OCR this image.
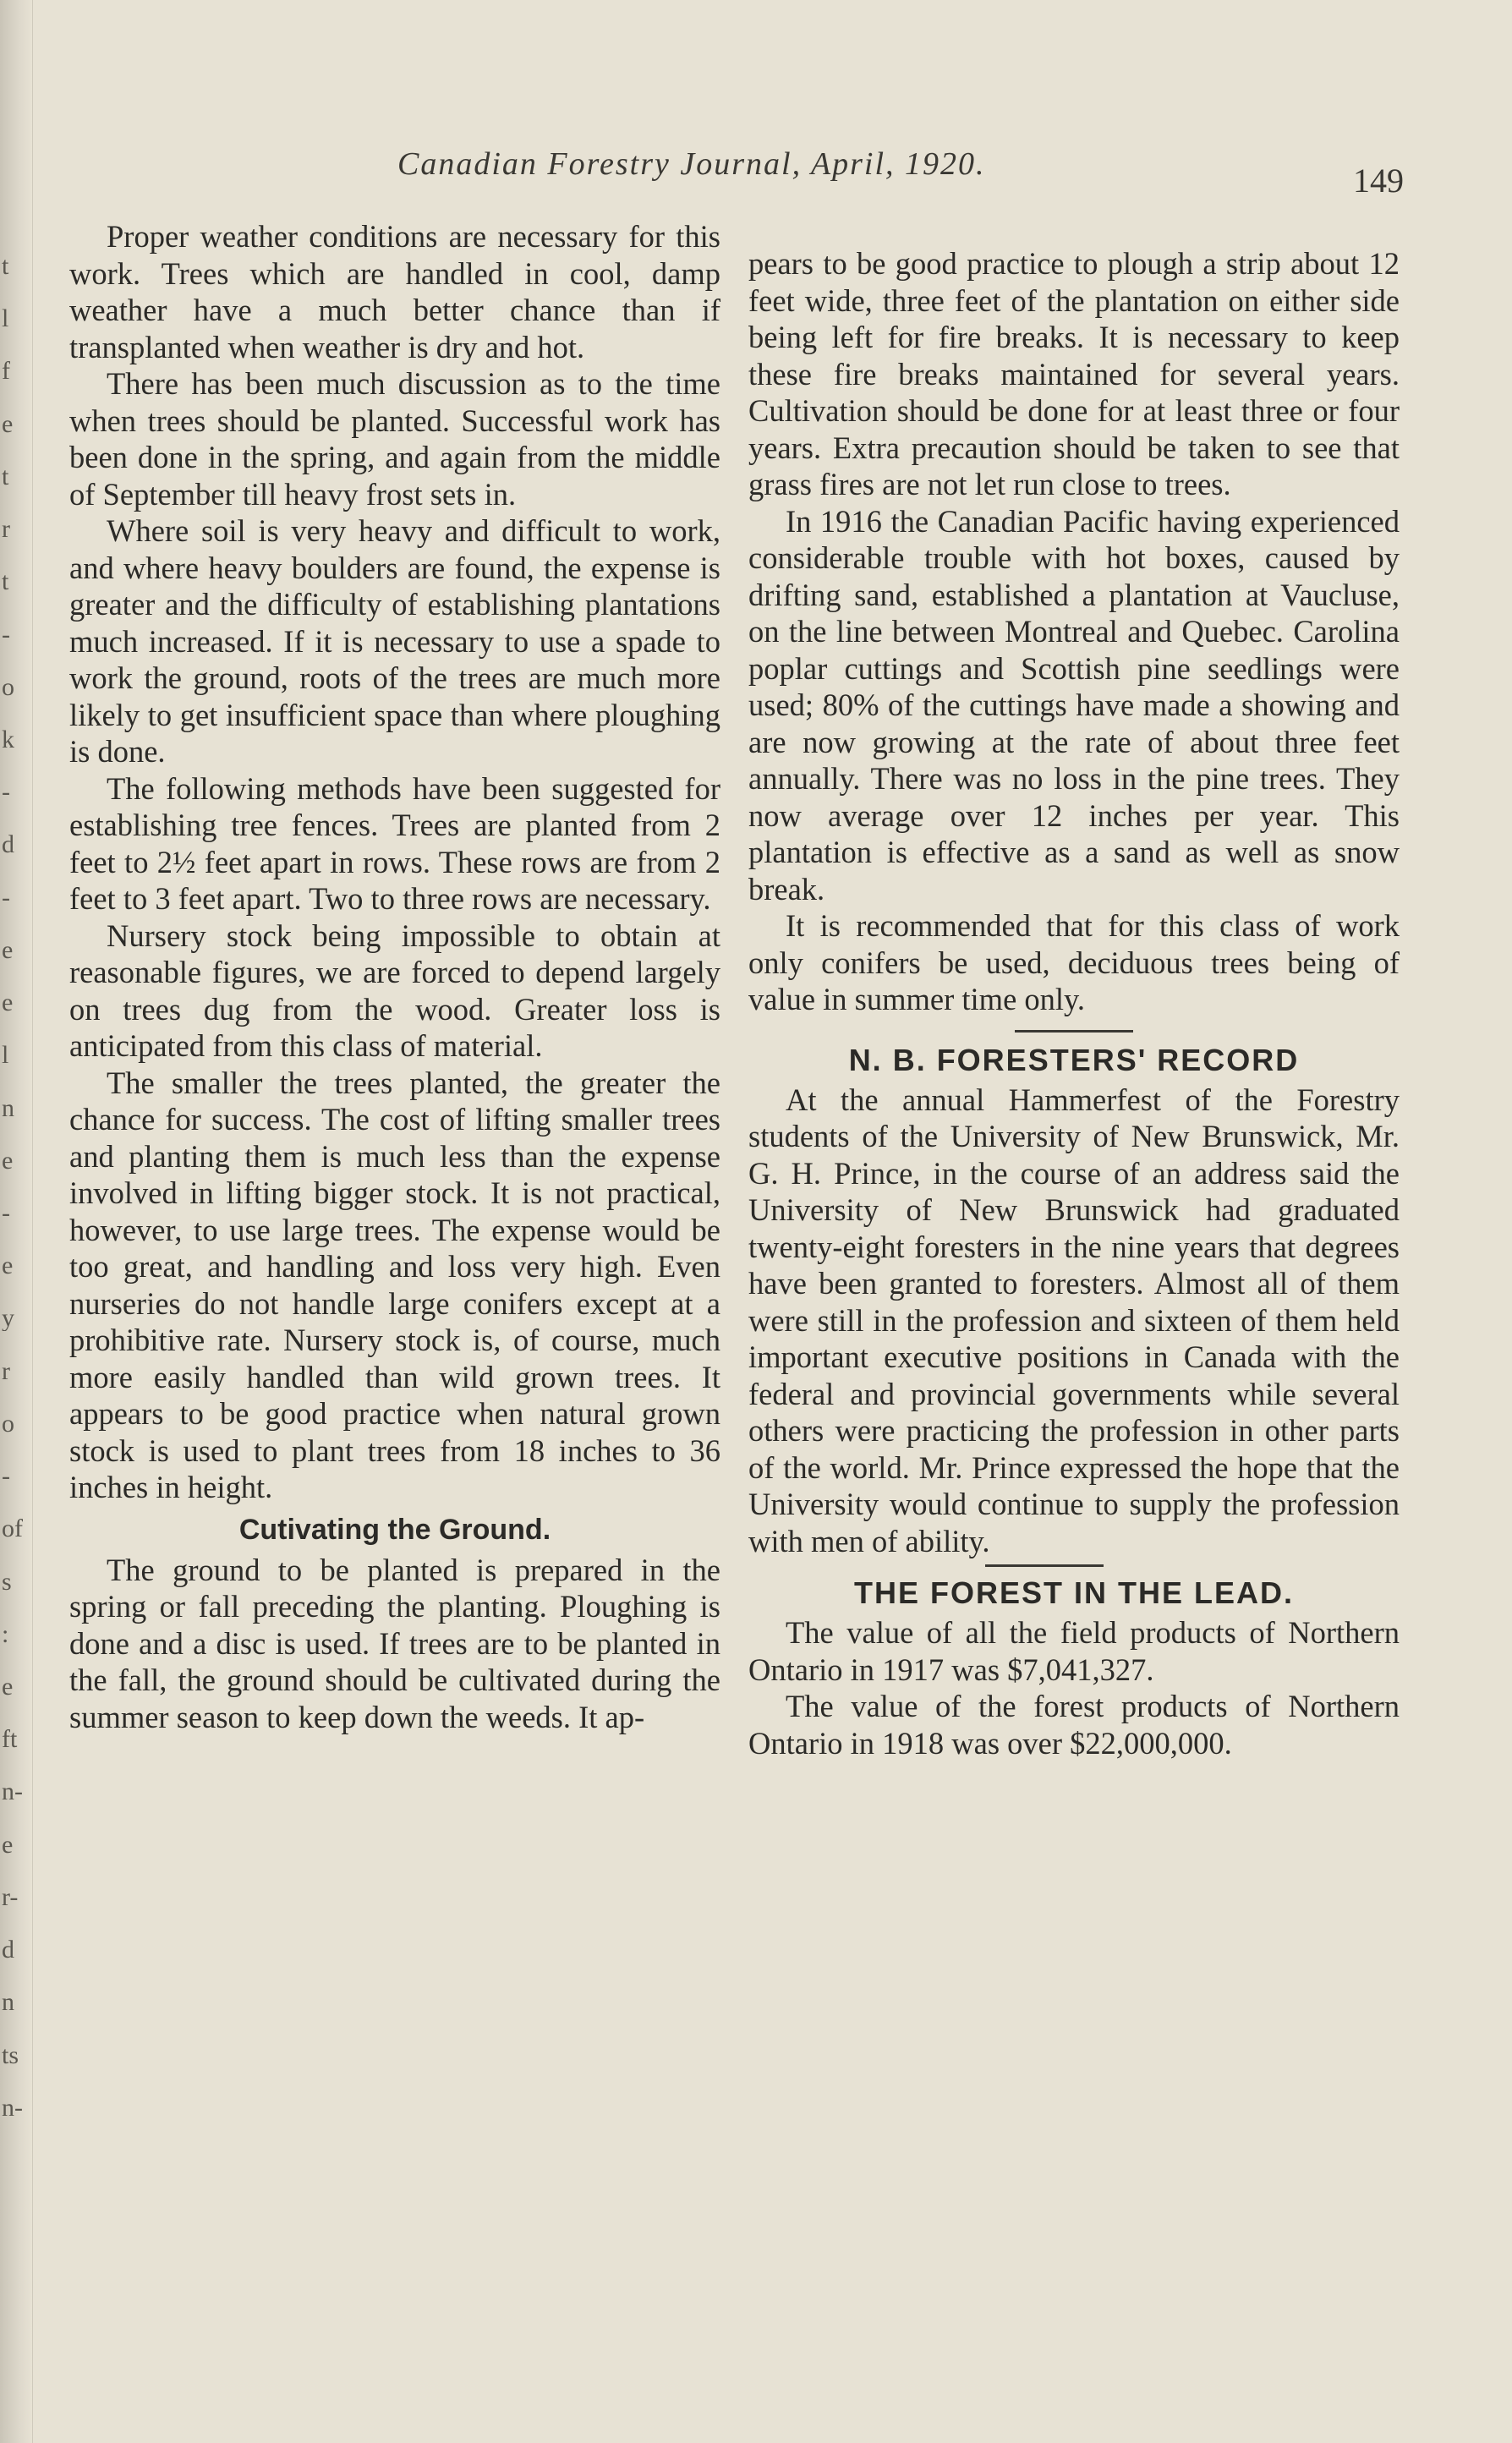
t
l
f
e
t
r
t
-
o
k
-
d
-
e
e
l
n
e
-
e
y
r
o
-
of
s
:
e
ft
n-
e
r-
d
n
ts
n-
Canadian Forestry Journal, April, 1920.	149

Proper weather conditions are necessary for this work. Trees which are handled in cool, damp weather have a much better chance than if transplanted when weather is dry and hot.

There has been much discussion as to the time when trees should be planted. Successful work has been done in the spring, and again from the middle of September till heavy frost sets in.

Where soil is very heavy and difficult to work, and where heavy boulders are found, the expense is greater and the difficulty of establishing plantations much increased. If it is necessary to use a spade to work the ground, roots of the trees are much more likely to get insufficient space than where ploughing is done.

The following methods have been suggested for establishing tree fences. Trees are planted from 2 feet to 2½ feet apart in rows. These rows are from 2 feet to 3 feet apart. Two to three rows are necessary.

Nursery stock being impossible to obtain at reasonable figures, we are forced to depend largely on trees dug from the wood. Greater loss is anticipated from this class of material.

The smaller the trees planted, the greater the chance for success. The cost of lifting smaller trees and planting them is much less than the expense involved in lifting bigger stock. It is not practical, however, to use large trees. The expense would be too great, and handling and loss very high. Even nurseries do not handle large conifers except at a prohibitive rate. Nursery stock is, of course, much more easily handled than wild grown trees. It appears to be good practice when natural grown stock is used to plant trees from 18 inches to 36 inches in height.

Cutivating the Ground.

The ground to be planted is prepared in the spring or fall preceding the planting. Ploughing is done and a disc is used. If trees are to be planted in the fall, the ground should be cultivated during the summer season to keep down the weeds. It ap-

pears to be good practice to plough a strip about 12 feet wide, three feet of the plantation on either side being left for fire breaks. It is necessary to keep these fire breaks maintained for several years. Cultivation should be done for at least three or four years. Extra precaution should be taken to see that grass fires are not let run close to trees.

In 1916 the Canadian Pacific having experienced considerable trouble with hot boxes, caused by drifting sand, established a plantation at Vaucluse, on the line between Montreal and Quebec. Carolina poplar cuttings and Scottish pine seedlings were used; 80% of the cuttings have made a showing and are now growing at the rate of about three feet annually. There was no loss in the pine trees. They now average over 12 inches per year. This plantation is effective as a sand as well as snow break.

It is recommended that for this class of work only conifers be used, deciduous trees being of value in summer time only.

N. B. FORESTERS' RECORD

At the annual Hammerfest of the Forestry students of the University of New Brunswick, Mr. G. H. Prince, in the course of an address said the University of New Brunswick had graduated twenty-eight foresters in the nine years that degrees have been granted to foresters. Almost all of them were still in the profession and sixteen of them held important executive positions in Canada with the federal and provincial governments while several others were practicing the profession in other parts of the world. Mr. Prince expressed the hope that the University would continue to supply the profession with men of ability.

THE FOREST IN THE LEAD.

The value of all the field products of Northern Ontario in 1917 was $7,041,327.

The value of the forest products of Northern Ontario in 1918 was over $22,000,000.
